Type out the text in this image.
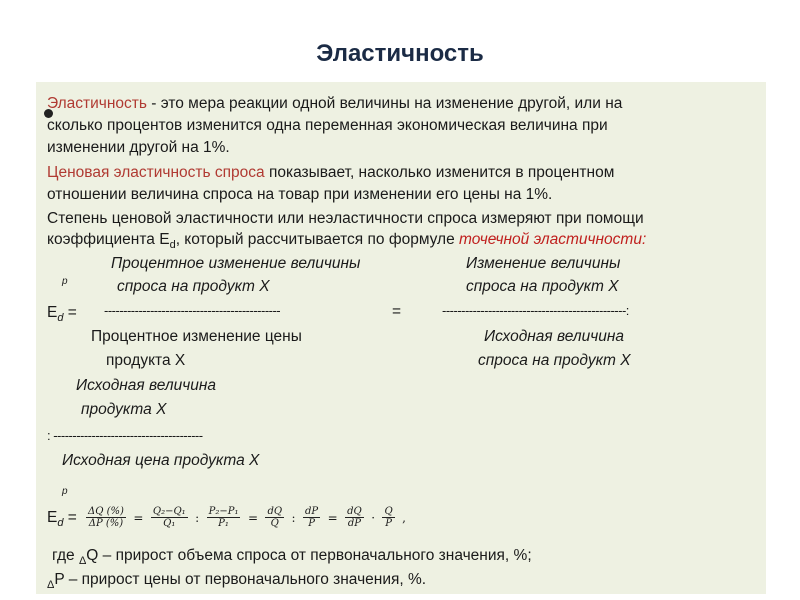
Эластичность
Эластичность - это мера реакции одной величины на изменение другой, или на
сколько процентов изменится одна переменная экономическая величина при
изменении другой на 1%.
Ценовая эластичность спроса показывает, насколько изменится в процентном
отношении величина спроса на товар при изменении его цены на 1%.
Степень ценовой эластичности или неэластичности спроса измеряют при помощи
коэффициента $E_d$, который рассчитывается по формуле точечной эластичности:
Процентное изменение величины	Изменение величины
p	спроса на продукт X	спроса на продукт X
$E_d$ = ----------------------------------------------	=	------------------------------------------------:
Процентное изменение цены	Исходная величина
продукта X	спроса на продукт X
Исходная величина
продукта X
: ---------------------------------------
Исходная цена продукта X
p
$E_d = \frac{\Delta Q (\%)}{\Delta P (\%)} = \frac{\text{Q₂−Q₁}}{\text{Q₁}}$ : $\frac{\text{P₂−P₁}}{\text{P₁}} = \frac{dQ}{Q}$ : $\frac{dP}{P} = \frac{dQ}{dP} \cdot \frac{Q}{P}$ ,
где $_\Delta$Q – прирост объема спроса от первоначального значения, %;
$_\Delta$P – прирост цены от первоначального значения, %.
